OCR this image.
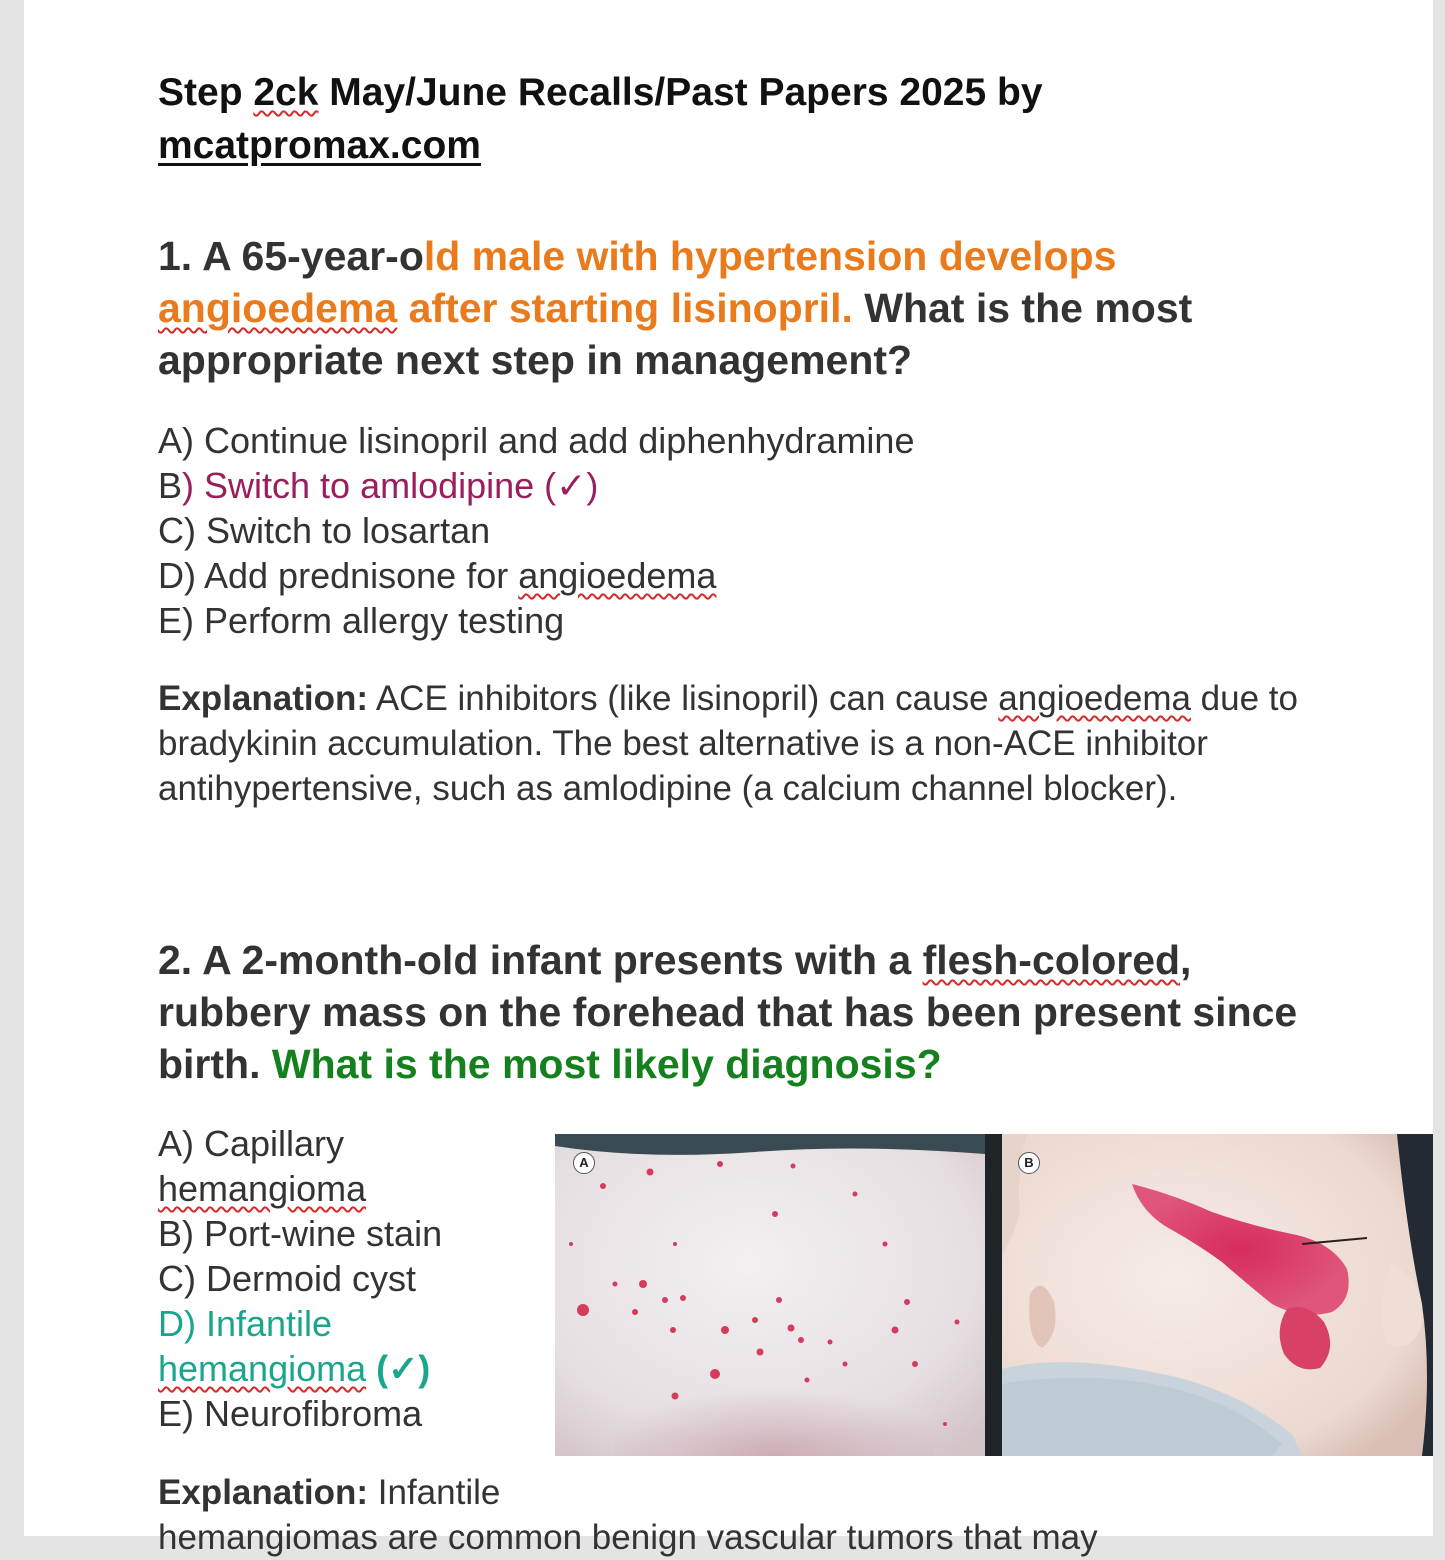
Step 2ck May/June Recalls/Past Papers 2025 by
mcatpromax.com
1. A 65-year-old male with hypertension develops angioedema after starting lisinopril. What is the most appropriate next step in management?
A) Continue lisinopril and add diphenhydramine
B) Switch to amlodipine (✓)
C) Switch to losartan
D) Add prednisone for angioedema
E) Perform allergy testing
Explanation: ACE inhibitors (like lisinopril) can cause angioedema due to bradykinin accumulation. The best alternative is a non-ACE inhibitor antihypertensive, such as amlodipine (a calcium channel blocker).
2. A 2-month-old infant presents with a flesh-colored, rubbery mass on the forehead that has been present since birth. What is the most likely diagnosis?
A) Capillary
hemangioma
B) Port-wine stain
C) Dermoid cyst
D) Infantile
hemangioma (✓)
E) Neurofibroma
Explanation: Infantile
hemangiomas are common benign vascular tumors that may
A	B
